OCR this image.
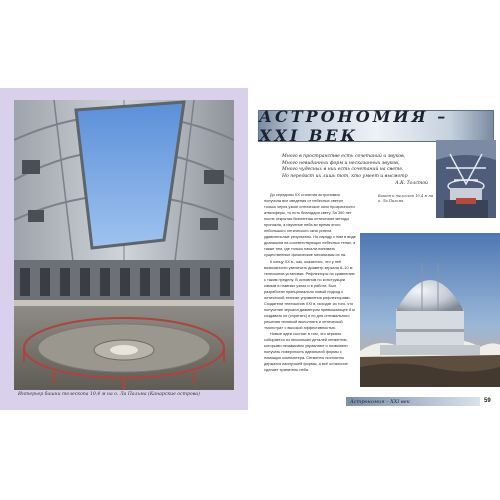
Интерьер башни телескопа 10,4 м на о. Ла Пальма (Канарские острова)
АСТРОНОМИЯ – XXI ВЕК
Много в пространстве есть сочетаний и звуков,
Много невиданных форм и несказанных звуков,
Много чудесных в них есть сочетаний на свете.
Но передаст их лишь тот, кто умеет и высмотр
А.К. Толстой
Башня и телескоп 10,4 м на о. Ла Пальма

До середины XX столетия астрономия получила все сведения от небесных светил только через узкое оптическое окно прозрачности атмосферы, то есть благодаря свету. За 300 лет после открытия Вселенная оптические методы проникла, а изучение неба во время этого небольшого оптического окна успела удивительные результаты. Но наряду с ним в виде диапазона на соответствующих небесных телах, а также тем, где только начали понимать существенные физические механизмы их на.

К концу XX в., как, оказалось, что у неё возможности увеличить диаметр зеркала 8–10 м телескопов установки. Рефлекторы по сравнению с таким пределу. В основном по конструкции самым в главных узлах и в работе. Был разработан принципиально новый подход к оптической технике управления рефлекторами. Создатели телескопов XXI в. исходят из того, что получение зеркала диаметром превышающее 8 м создавать их (спрятать) и по для оптимального решения техникой выполнять и оптической «монстра» с высокой эффективностью.

Новые идеи состоят в том, что зеркало собирается из нескольких деталей сегментов, которыми независимо управляют и позволяют получать поверхность идеальной формы с помощью компьютера. Сегменты постоянно держатся наилучшей формы, а всё остальное сделает хранитель неба.

Астрономия – XXI век	59
